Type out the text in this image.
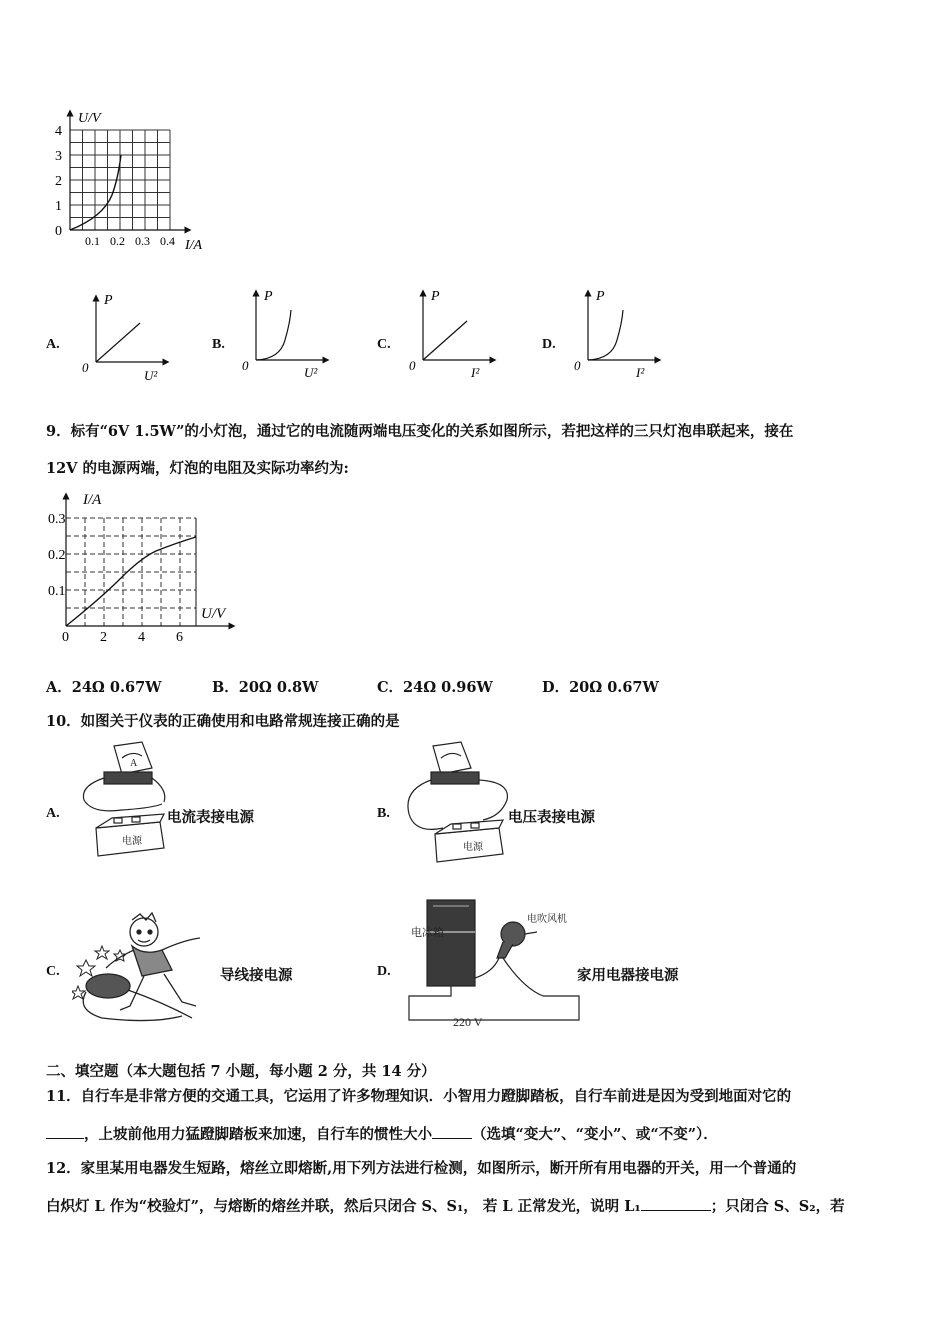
U/V
4
3
2
1
0
0.1 0.2 0.3 0.4 I/A
A.
P
0
U²
B.
P
0	U²
C.
P
0	I²
D.
P
0	I²
9．标有“6V 1.5W”的小灯泡，通过它的电流随两端电压变化的关系如图所示，若把这样的三只灯泡串联起来，接在
12V 的电源两端，灯泡的电阻及实际功率约为:
I/A
0.3
0.2
0.1
U/V
0 2 4 6
A．24Ω 0.67W	B．20Ω 0.8W	C．24Ω 0.96W	D．20Ω 0.67W
10．如图关于仪表的正确使用和电路常规连接正确的是
A.
A
电源
电流表接电源	B.
电源
电压表接电源
C.	导线接电源	D.
电冰箱
电吹风机
220 V
家用电器接电源
二、填空题（本大题包括 7 小题，每小题 2 分，共 14 分）
11．自行车是非常方便的交通工具，它运用了许多物理知识．小智用力蹬脚踏板，自行车前进是因为受到地面对它的
，上坡前他用力猛蹬脚踏板来加速，自行车的惯性大小	（选填“变大”、“变小”、或“不变”）．
12．家里某用电器发生短路，熔丝立即熔断,用下列方法进行检测，如图所示，断开所有用电器的开关，用一个普通的
白炽灯 L 作为“校验灯”，与熔断的熔丝并联，然后只闭合 S、S₁， 若 L 正常发光，说明 L₁	；只闭合 S、S₂，若
